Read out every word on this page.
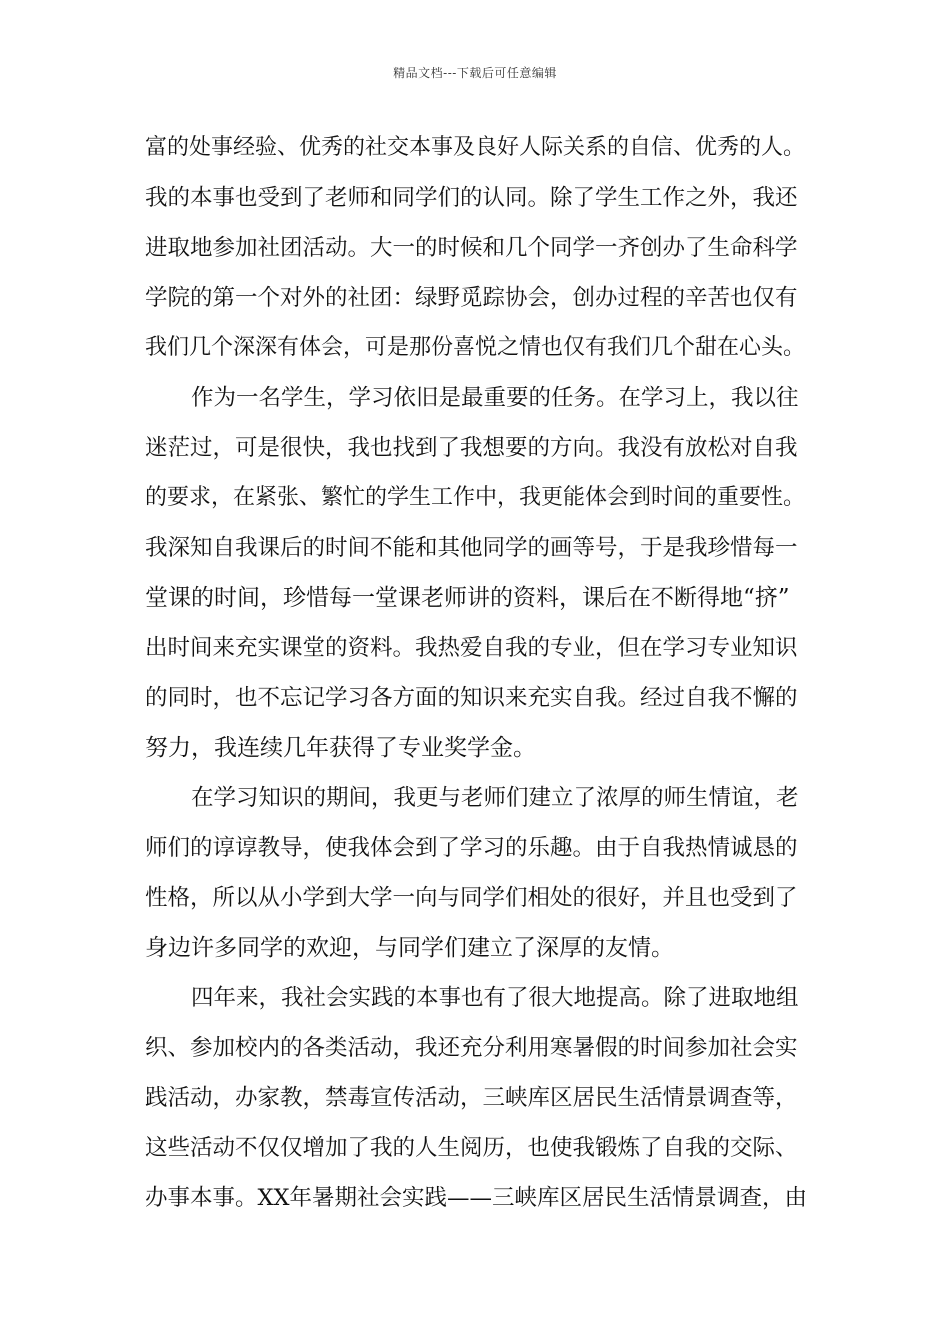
精品文档---下载后可任意编辑
富的处事经验、优秀的社交本事及良好人际关系的自信、优秀的人。
我的本事也受到了老师和同学们的认同。除了学生工作之外，我还
进取地参加社团活动。大一的时候和几个同学一齐创办了生命科学
学院的第一个对外的社团：绿野觅踪协会，创办过程的辛苦也仅有
我们几个深深有体会，可是那份喜悦之情也仅有我们几个甜在心头。
作为一名学生，学习依旧是最重要的任务。在学习上，我以往
迷茫过，可是很快，我也找到了我想要的方向。我没有放松对自我
的要求，在紧张、繁忙的学生工作中，我更能体会到时间的重要性。
我深知自我课后的时间不能和其他同学的画等号，于是我珍惜每一
堂课的时间，珍惜每一堂课老师讲的资料，课后在不断得地“挤”
出时间来充实课堂的资料。我热爱自我的专业，但在学习专业知识
的同时，也不忘记学习各方面的知识来充实自我。经过自我不懈的
努力，我连续几年获得了专业奖学金。
在学习知识的期间，我更与老师们建立了浓厚的师生情谊，老
师们的谆谆教导，使我体会到了学习的乐趣。由于自我热情诚恳的
性格，所以从小学到大学一向与同学们相处的很好，并且也受到了
身边许多同学的欢迎，与同学们建立了深厚的友情。
四年来，我社会实践的本事也有了很大地提高。除了进取地组
织、参加校内的各类活动，我还充分利用寒暑假的时间参加社会实
践活动，办家教，禁毒宣传活动，三峡库区居民生活情景调查等，
这些活动不仅仅增加了我的人生阅历，也使我锻炼了自我的交际、
办事本事。XX年暑期社会实践——三峡库区居民生活情景调查，由
